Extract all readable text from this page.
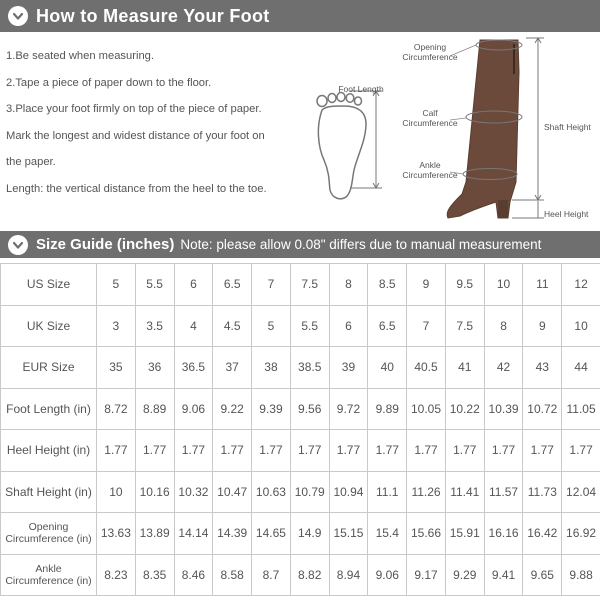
How to Measure Your Foot
1.Be seated when measuring.
2.Tape a piece of paper down to the floor.
3.Place your foot firmly on top of the piece of paper.
Mark the longest and widest distance of your foot on
the paper.
Length: the vertical distance from the heel to the toe.
Foot Length
Opening Circumference
Calf Circumference
Ankle Circumference
Shaft Height
Heel Height
Size Guide (inches) Note: please allow 0.08" differs due to manual measurement
US Size	5	5.5	6	6.5	7	7.5	8	8.5	9	9.5	10	11	12
UK Size	3	3.5	4	4.5	5	5.5	6	6.5	7	7.5	8	9	10
EUR Size	35	36	36.5	37	38	38.5	39	40	40.5	41	42	43	44
Foot Length (in)	8.72	8.89	9.06	9.22	9.39	9.56	9.72	9.89	10.05	10.22	10.39	10.72	11.05
Heel Height (in)	1.77	1.77	1.77	1.77	1.77	1.77	1.77	1.77	1.77	1.77	1.77	1.77	1.77
Shaft Height (in)	10	10.16	10.32	10.47	10.63	10.79	10.94	11.1	11.26	11.41	11.57	11.73	12.04
Opening Circumference (in)	13.63	13.89	14.14	14.39	14.65	14.9	15.15	15.4	15.66	15.91	16.16	16.42	16.92
Ankle Circumference (in)	8.23	8.35	8.46	8.58	8.7	8.82	8.94	9.06	9.17	9.29	9.41	9.65	9.88
